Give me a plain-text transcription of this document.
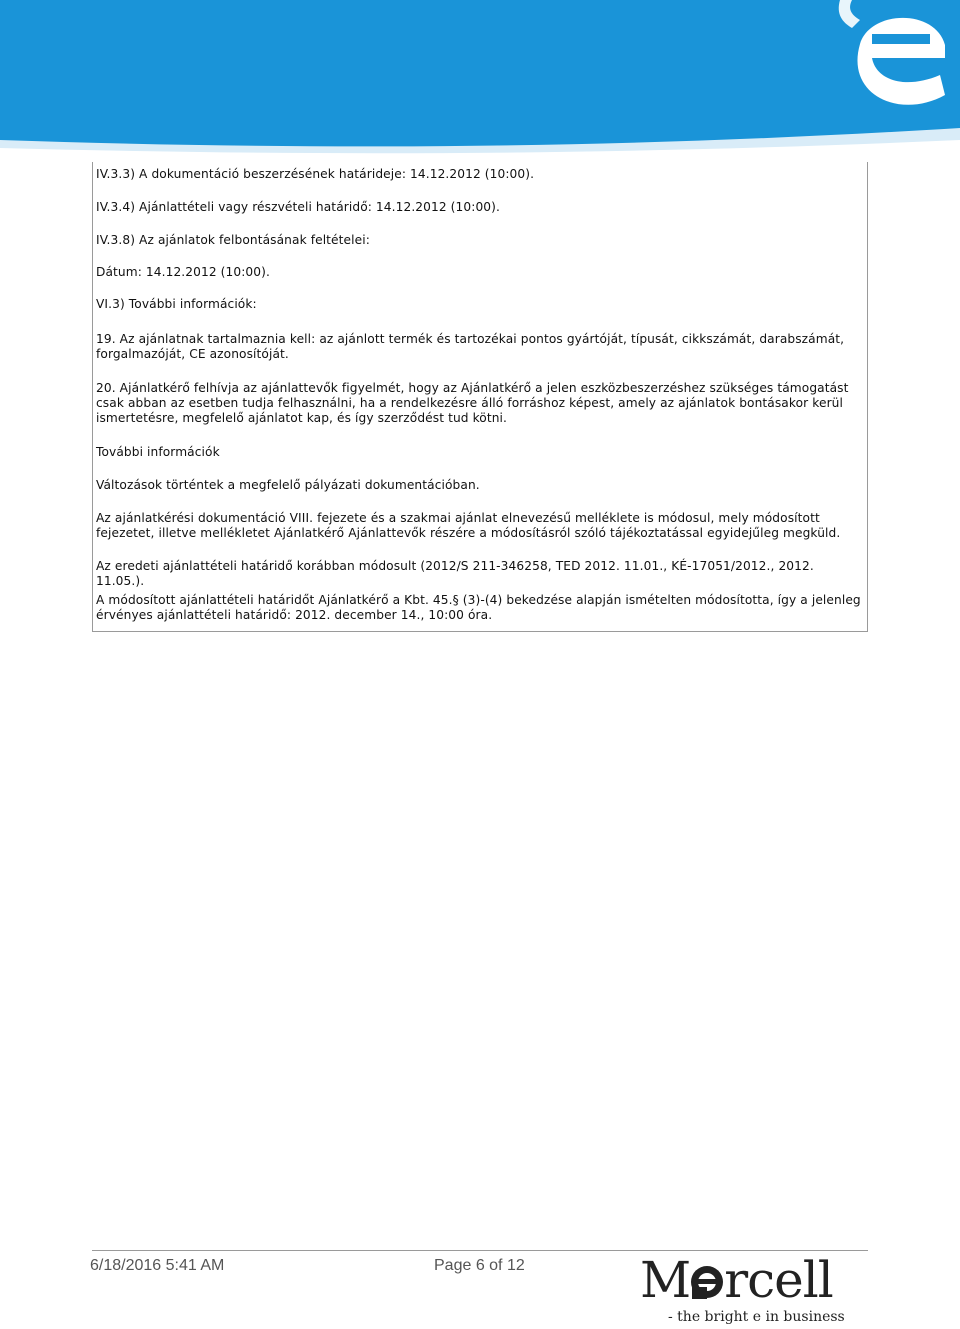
IV.3.3) A dokumentáció beszerzésének határideje: 14.12.2012 (10:00).

IV.3.4) Ajánlattételi vagy részvételi határidő: 14.12.2012 (10:00).

IV.3.8) Az ajánlatok felbontásának feltételei:

Dátum: 14.12.2012 (10:00).

VI.3) További információk:

19. Az ajánlatnak tartalmaznia kell: az ajánlott termék és tartozékai pontos gyártóját, típusát, cikkszámát, darabszámát, forgalmazóját, CE azonosítóját.

20. Ajánlatkérő felhívja az ajánlattevők figyelmét, hogy az Ajánlatkérő a jelen eszközbeszerzéshez szükséges támogatást csak abban az esetben tudja felhasználni, ha a rendelkezésre álló forráshoz képest, amely az ajánlatok bontásakor kerül ismertetésre, megfelelő ajánlatot kap, és így szerződést tud kötni.

További információk

Változások történtek a megfelelő pályázati dokumentációban.

Az ajánlatkérési dokumentáció VIII. fejezete és a szakmai ajánlat elnevezésű melléklete is módosul, mely módosított fejezetet, illetve mellékletet Ajánlatkérő Ajánlattevők részére a módosításról szóló tájékoztatással egyidejűleg megküld.

Az eredeti ajánlattételi határidő korábban módosult (2012/S 211-346258, TED 2012. 11.01., KÉ-17051/2012., 2012. 11.05.).

A módosított ajánlattételi határidőt Ajánlatkérő a Kbt. 45.§ (3)-(4) bekedzése alapján ismételten módosította, így a jelenleg érvényes ajánlattételi határidő: 2012. december 14., 10:00 óra.

6/18/2016 5:41 AM	Page 6 of 12 M rcell
- the bright e in business
